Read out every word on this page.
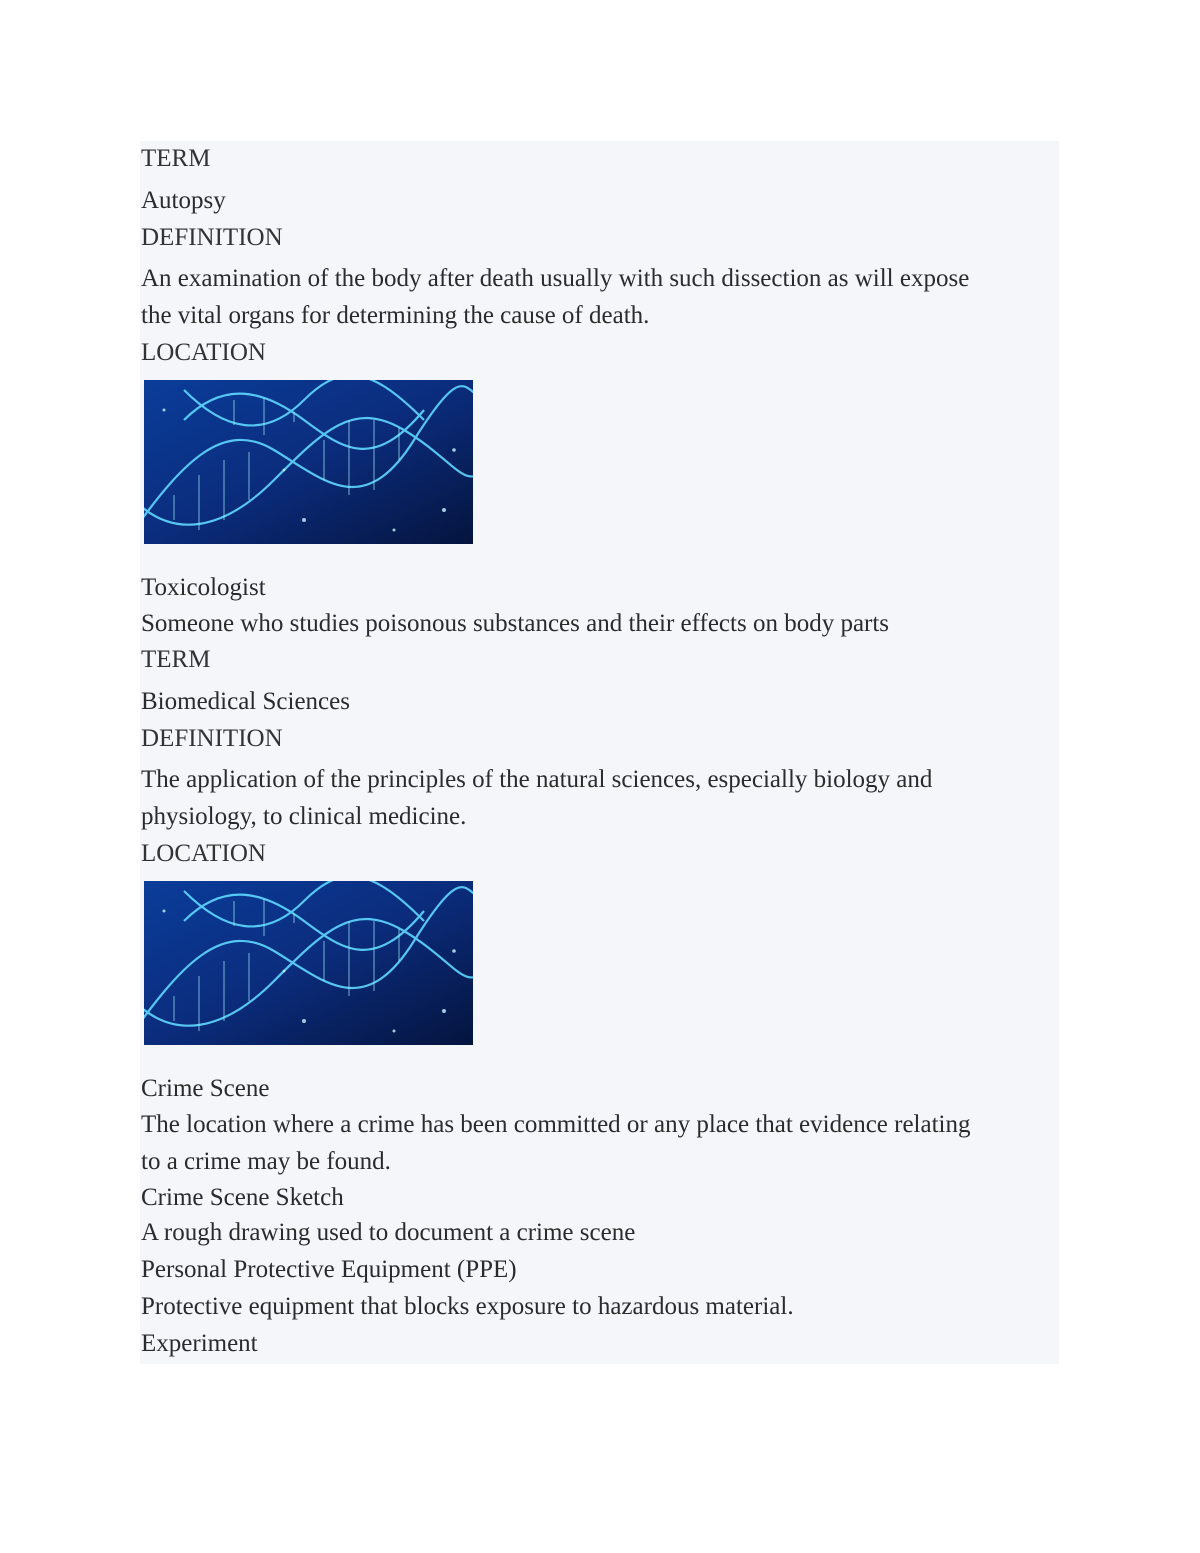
TERM

Autopsy

DEFINITION

An examination of the body after death usually with such dissection as will expose

the vital organs for determining the cause of death.

LOCATION

Toxicologist

Someone who studies poisonous substances and their effects on body parts

TERM

Biomedical Sciences

DEFINITION

The application of the principles of the natural sciences, especially biology and

physiology, to clinical medicine.

LOCATION

Crime Scene

The location where a crime has been committed or any place that evidence relating

to a crime may be found.

Crime Scene Sketch

A rough drawing used to document a crime scene

Personal Protective Equipment (PPE)

Protective equipment that blocks exposure to hazardous material.

Experiment
